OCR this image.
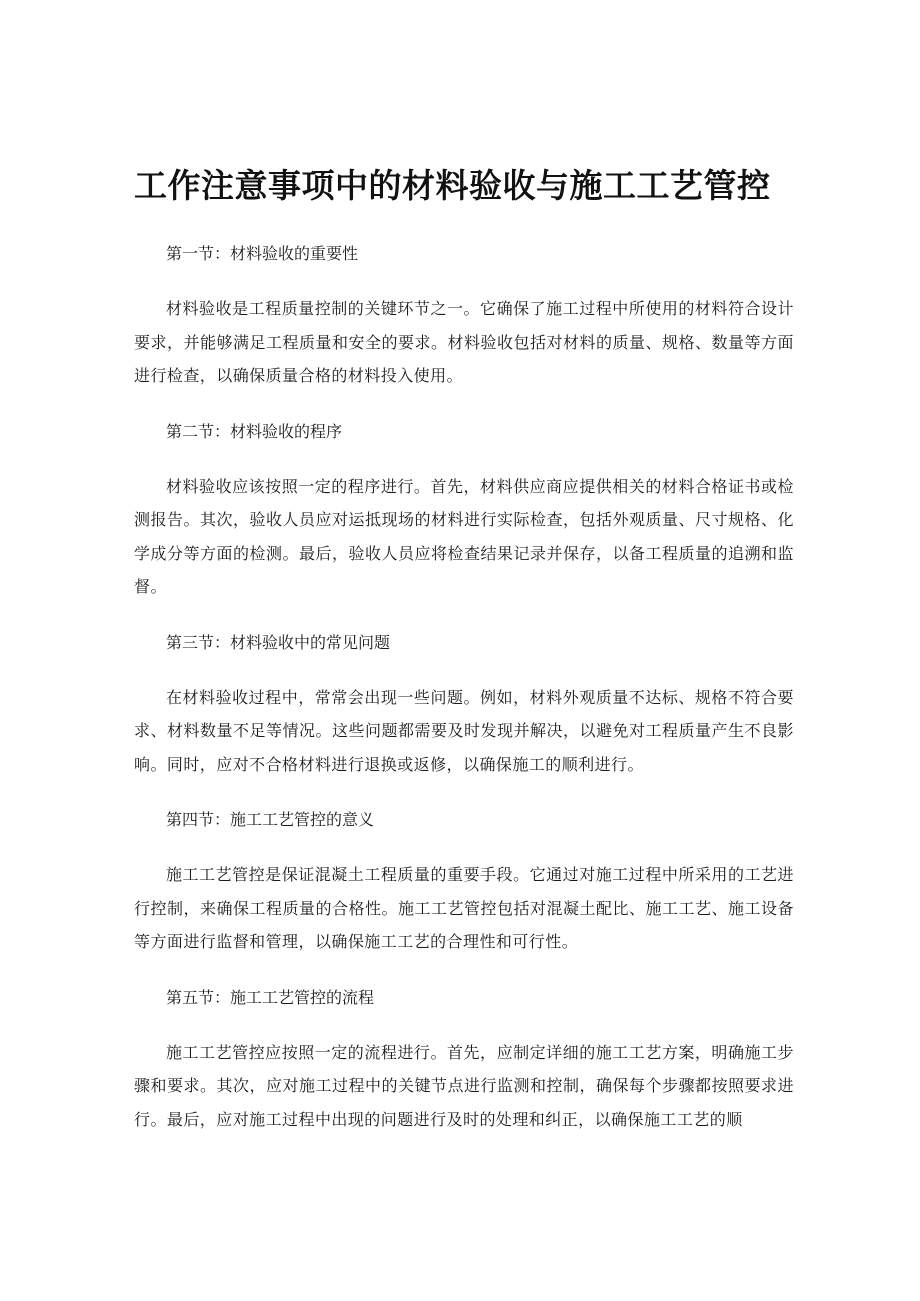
工作注意事项中的材料验收与施工工艺管控

第一节：材料验收的重要性

材料验收是工程质量控制的关键环节之一。它确保了施工过程中所使用的材料符合设计要求，并能够满足工程质量和安全的要求。材料验收包括对材料的质量、规格、数量等方面进行检查，以确保质量合格的材料投入使用。

第二节：材料验收的程序

材料验收应该按照一定的程序进行。首先，材料供应商应提供相关的材料合格证书或检测报告。其次，验收人员应对运抵现场的材料进行实际检查，包括外观质量、尺寸规格、化学成分等方面的检测。最后，验收人员应将检查结果记录并保存，以备工程质量的追溯和监督。

第三节：材料验收中的常见问题

在材料验收过程中，常常会出现一些问题。例如，材料外观质量不达标、规格不符合要求、材料数量不足等情况。这些问题都需要及时发现并解决，以避免对工程质量产生不良影响。同时，应对不合格材料进行退换或返修，以确保施工的顺利进行。

第四节：施工工艺管控的意义

施工工艺管控是保证混凝土工程质量的重要手段。它通过对施工过程中所采用的工艺进行控制，来确保工程质量的合格性。施工工艺管控包括对混凝土配比、施工工艺、施工设备等方面进行监督和管理，以确保施工工艺的合理性和可行性。

第五节：施工工艺管控的流程

施工工艺管控应按照一定的流程进行。首先，应制定详细的施工工艺方案，明确施工步骤和要求。其次，应对施工过程中的关键节点进行监测和控制，确保每个步骤都按照要求进行。最后，应对施工过程中出现的问题进行及时的处理和纠正，以确保施工工艺的顺
